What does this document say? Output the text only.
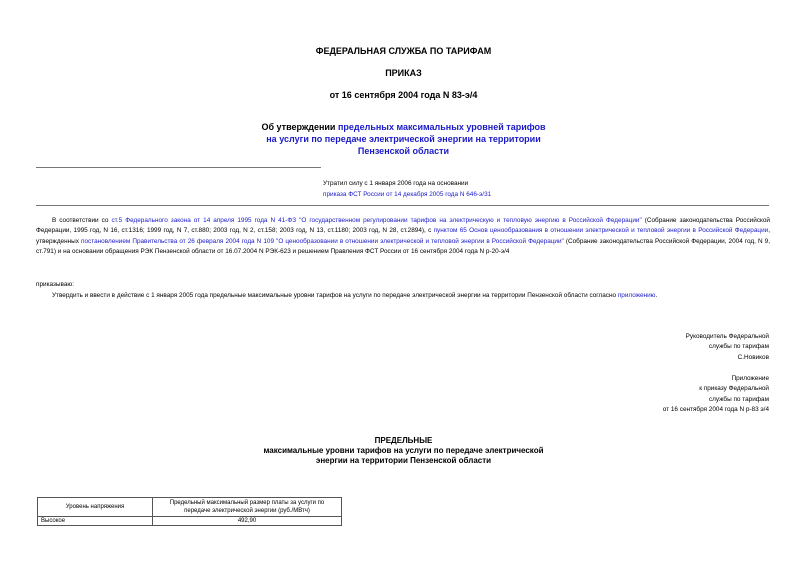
ФЕДЕРАЛЬНАЯ СЛУЖБА ПО ТАРИФАМ
ПРИКАЗ
от 16 сентября 2004 года N 83-э/4
Об утверждении предельных максимальных уровней тарифов
на услуги по передаче электрической энергии на территории
Пензенской области
Утратил силу с 1 января 2006 года на основании
приказа ФСТ России от 14 декабря 2005 года N 646-э/31

В соответствии со ст.5 Федерального закона от 14 апреля 1995 года N 41-ФЗ "О государственном регулировании тарифов на электрическую и тепловую энергию в Российской Федерации" (Собрание законодательства Российской Федерации, 1995 год, N 16, ст.1316; 1999 год, N 7, ст.880; 2003 год, N 2, ст.158; 2003 год, N 13, ст.1180; 2003 год, N 28, ст.2894), с пунктом 65 Основ ценообразования в отношении электрической и тепловой энергии в Российской Федерации, утвержденных постановлением Правительства от 26 февраля 2004 года N 109 "О ценообразовании в отношении электрической и тепловой энергии в Российской Федерации" (Собрание законодательства Российской Федерации, 2004 год, N 9, ст.791) и на основании обращения РЭК Пензенской области от 16.07.2004 N РЭК-623 и решением Правления ФСТ России от 16 сентября 2004 года N р-20-э/4

приказываю:
Утвердить и ввести в действие с 1 января 2005 года предельные максимальные уровни тарифов на услуги по передаче электрической энергии на территории Пензенской области согласно приложению.
Руководитель Федеральной
службы по тарифам
С.Новиков
Приложение
к приказу Федеральной
службы по тарифам
от 16 сентября 2004 года N р-83 э/4
ПРЕДЕЛЬНЫЕ
максимальные уровни тарифов на услуги по передаче электрической
энергии на территории Пензенской области
Уровень напряжения	Предельный максимальный размер платы за услуги по
передаче электрической энергии (руб./МВтч)

Высокое	492,90
